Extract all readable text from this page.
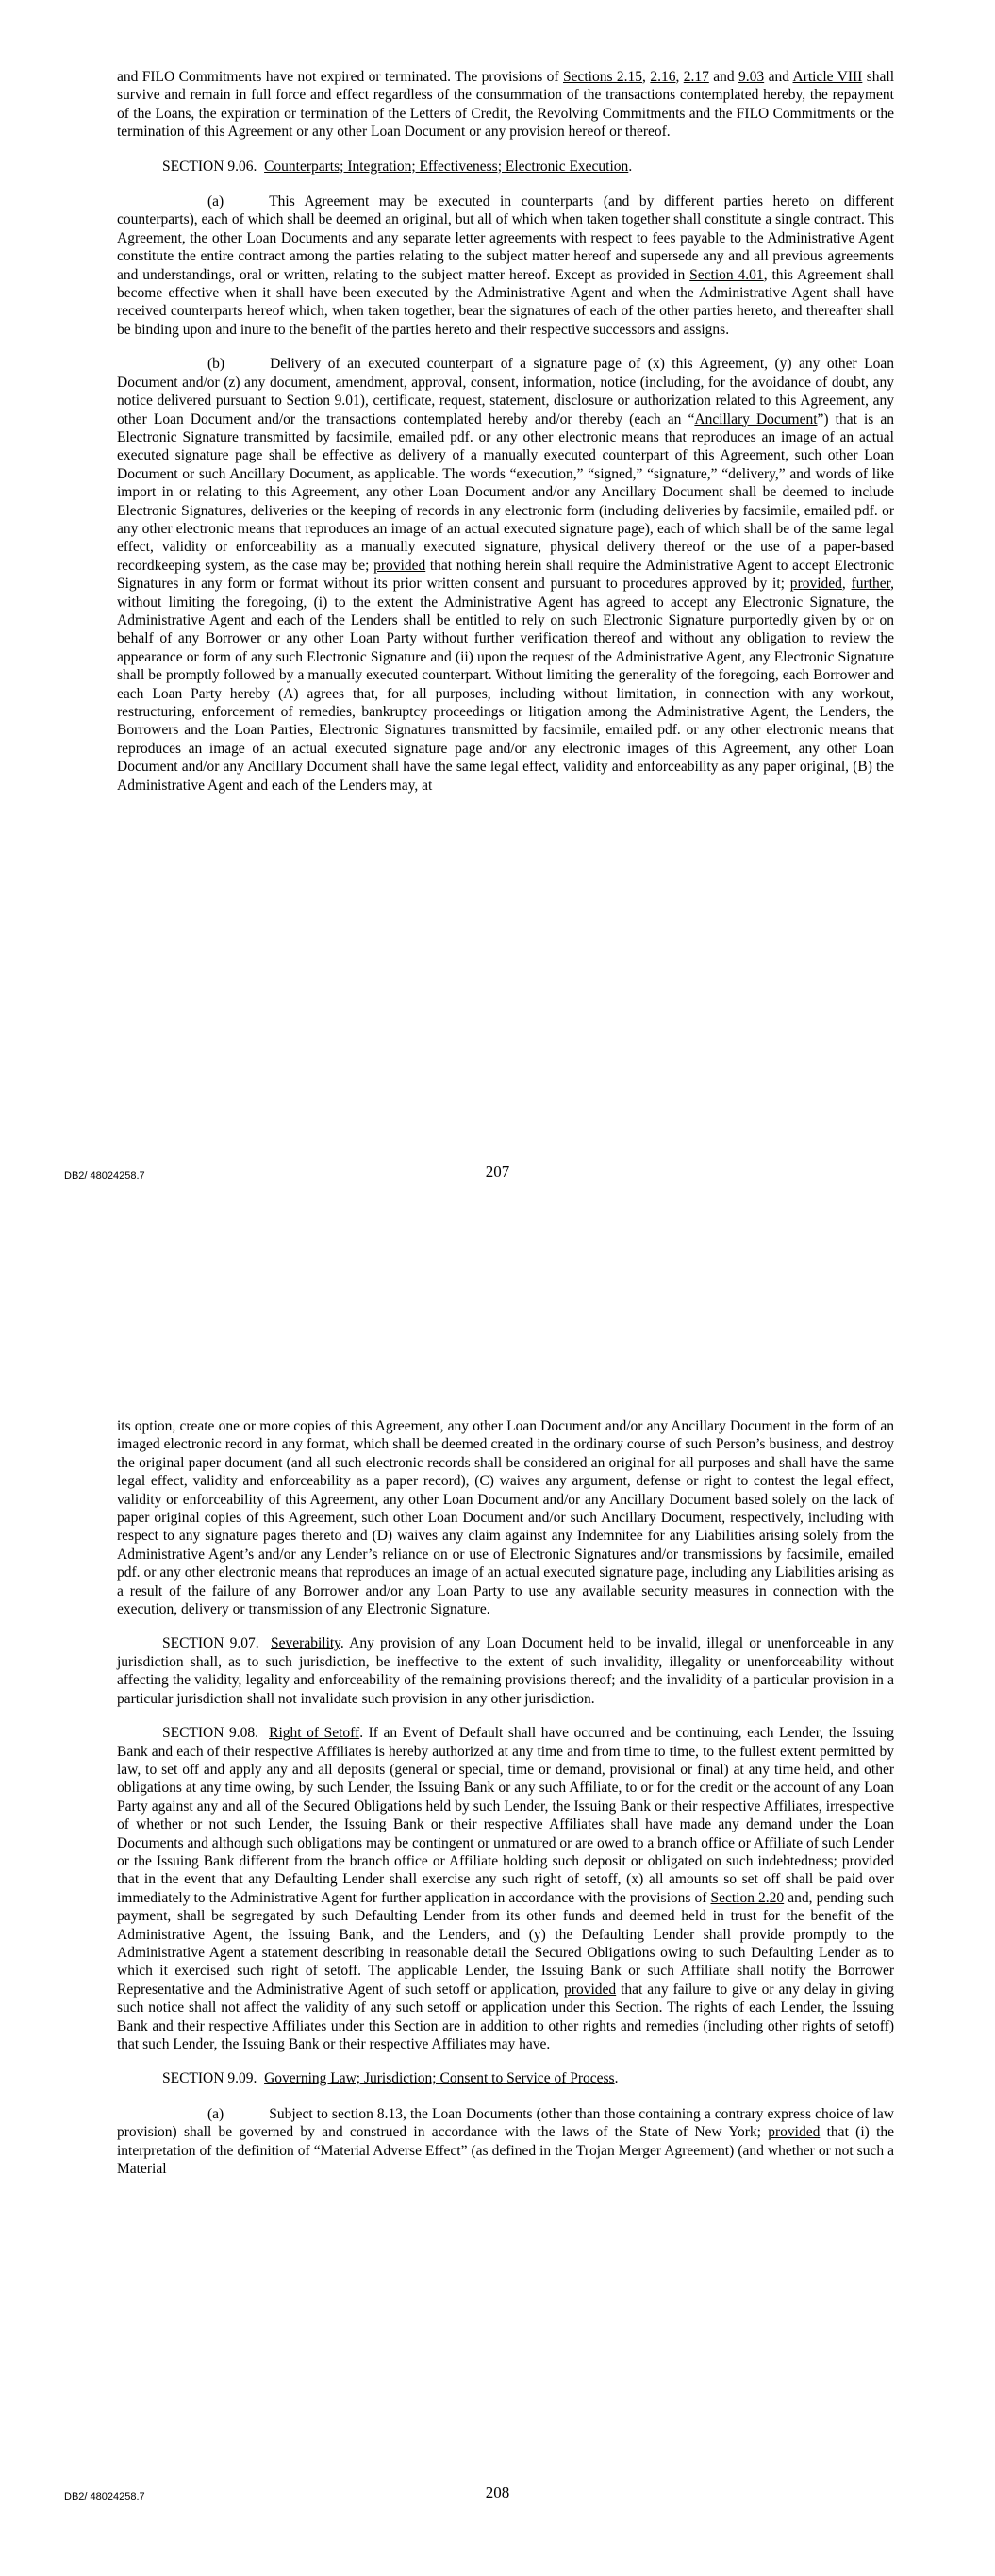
and FILO Commitments have not expired or terminated. The provisions of Sections 2.15, 2.16, 2.17 and 9.03 and Article VIII shall survive and remain in full force and effect regardless of the consummation of the transactions contemplated hereby, the repayment of the Loans, the expiration or termination of the Letters of Credit, the Revolving Commitments and the FILO Commitments or the termination of this Agreement or any other Loan Document or any provision hereof or thereof.

SECTION 9.06. Counterparts; Integration; Effectiveness; Electronic Execution.

(a)	This Agreement may be executed in counterparts (and by different parties hereto on different counterparts), each of which shall be deemed an original, but all of which when taken together shall constitute a single contract. This Agreement, the other Loan Documents and any separate letter agreements with respect to fees payable to the Administrative Agent constitute the entire contract among the parties relating to the subject matter hereof and supersede any and all previous agreements and understandings, oral or written, relating to the subject matter hereof. Except as provided in Section 4.01, this Agreement shall become effective when it shall have been executed by the Administrative Agent and when the Administrative Agent shall have received counterparts hereof which, when taken together, bear the signatures of each of the other parties hereto, and thereafter shall be binding upon and inure to the benefit of the parties hereto and their respective successors and assigns.

(b)	Delivery of an executed counterpart of a signature page of (x) this Agreement, (y) any other Loan Document and/or (z) any document, amendment, approval, consent, information, notice (including, for the avoidance of doubt, any notice delivered pursuant to Section 9.01), certificate, request, statement, disclosure or authorization related to this Agreement, any other Loan Document and/or the transactions contemplated hereby and/or thereby (each an “Ancillary Document”) that is an Electronic Signature transmitted by facsimile, emailed pdf. or any other electronic means that reproduces an image of an actual executed signature page shall be effective as delivery of a manually executed counterpart of this Agreement, such other Loan Document or such Ancillary Document, as applicable. The words “execution,” “signed,” “signature,” “delivery,” and words of like import in or relating to this Agreement, any other Loan Document and/or any Ancillary Document shall be deemed to include Electronic Signatures, deliveries or the keeping of records in any electronic form (including deliveries by facsimile, emailed pdf. or any other electronic means that reproduces an image of an actual executed signature page), each of which shall be of the same legal effect, validity or enforceability as a manually executed signature, physical delivery thereof or the use of a paper-based recordkeeping system, as the case may be; provided that nothing herein shall require the Administrative Agent to accept Electronic Signatures in any form or format without its prior written consent and pursuant to procedures approved by it; provided, further, without limiting the foregoing, (i) to the extent the Administrative Agent has agreed to accept any Electronic Signature, the Administrative Agent and each of the Lenders shall be entitled to rely on such Electronic Signature purportedly given by or on behalf of any Borrower or any other Loan Party without further verification thereof and without any obligation to review the appearance or form of any such Electronic Signature and (ii) upon the request of the Administrative Agent, any Electronic Signature shall be promptly followed by a manually executed counterpart. Without limiting the generality of the foregoing, each Borrower and each Loan Party hereby (A) agrees that, for all purposes, including without limitation, in connection with any workout, restructuring, enforcement of remedies, bankruptcy proceedings or litigation among the Administrative Agent, the Lenders, the Borrowers and the Loan Parties, Electronic Signatures transmitted by facsimile, emailed pdf. or any other electronic means that reproduces an image of an actual executed signature page and/or any electronic images of this Agreement, any other Loan Document and/or any Ancillary Document shall have the same legal effect, validity and enforceability as any paper original, (B) the Administrative Agent and each of the Lenders may, at

207
DB2/ 48024258.7

its option, create one or more copies of this Agreement, any other Loan Document and/or any Ancillary Document in the form of an imaged electronic record in any format, which shall be deemed created in the ordinary course of such Person’s business, and destroy the original paper document (and all such electronic records shall be considered an original for all purposes and shall have the same legal effect, validity and enforceability as a paper record), (C) waives any argument, defense or right to contest the legal effect, validity or enforceability of this Agreement, any other Loan Document and/or any Ancillary Document based solely on the lack of paper original copies of this Agreement, such other Loan Document and/or such Ancillary Document, respectively, including with respect to any signature pages thereto and (D) waives any claim against any Indemnitee for any Liabilities arising solely from the Administrative Agent’s and/or any Lender’s reliance on or use of Electronic Signatures and/or transmissions by facsimile, emailed pdf. or any other electronic means that reproduces an image of an actual executed signature page, including any Liabilities arising as a result of the failure of any Borrower and/or any Loan Party to use any available security measures in connection with the execution, delivery or transmission of any Electronic Signature.

SECTION 9.07. Severability. Any provision of any Loan Document held to be invalid, illegal or unenforceable in any jurisdiction shall, as to such jurisdiction, be ineffective to the extent of such invalidity, illegality or unenforceability without affecting the validity, legality and enforceability of the remaining provisions thereof; and the invalidity of a particular provision in a particular jurisdiction shall not invalidate such provision in any other jurisdiction.

SECTION 9.08. Right of Setoff. If an Event of Default shall have occurred and be continuing, each Lender, the Issuing Bank and each of their respective Affiliates is hereby authorized at any time and from time to time, to the fullest extent permitted by law, to set off and apply any and all deposits (general or special, time or demand, provisional or final) at any time held, and other obligations at any time owing, by such Lender, the Issuing Bank or any such Affiliate, to or for the credit or the account of any Loan Party against any and all of the Secured Obligations held by such Lender, the Issuing Bank or their respective Affiliates, irrespective of whether or not such Lender, the Issuing Bank or their respective Affiliates shall have made any demand under the Loan Documents and although such obligations may be contingent or unmatured or are owed to a branch office or Affiliate of such Lender or the Issuing Bank different from the branch office or Affiliate holding such deposit or obligated on such indebtedness; provided that in the event that any Defaulting Lender shall exercise any such right of setoff, (x) all amounts so set off shall be paid over immediately to the Administrative Agent for further application in accordance with the provisions of Section 2.20 and, pending such payment, shall be segregated by such Defaulting Lender from its other funds and deemed held in trust for the benefit of the Administrative Agent, the Issuing Bank, and the Lenders, and (y) the Defaulting Lender shall provide promptly to the Administrative Agent a statement describing in reasonable detail the Secured Obligations owing to such Defaulting Lender as to which it exercised such right of setoff. The applicable Lender, the Issuing Bank or such Affiliate shall notify the Borrower Representative and the Administrative Agent of such setoff or application, provided that any failure to give or any delay in giving such notice shall not affect the validity of any such setoff or application under this Section. The rights of each Lender, the Issuing Bank and their respective Affiliates under this Section are in addition to other rights and remedies (including other rights of setoff) that such Lender, the Issuing Bank or their respective Affiliates may have.

SECTION 9.09. Governing Law; Jurisdiction; Consent to Service of Process.

(a)	Subject to section 8.13, the Loan Documents (other than those containing a contrary express choice of law provision) shall be governed by and construed in accordance with the laws of the State of New York; provided that (i) the interpretation of the definition of “Material Adverse Effect” (as defined in the Trojan Merger Agreement) (and whether or not such a Material

208
DB2/ 48024258.7
